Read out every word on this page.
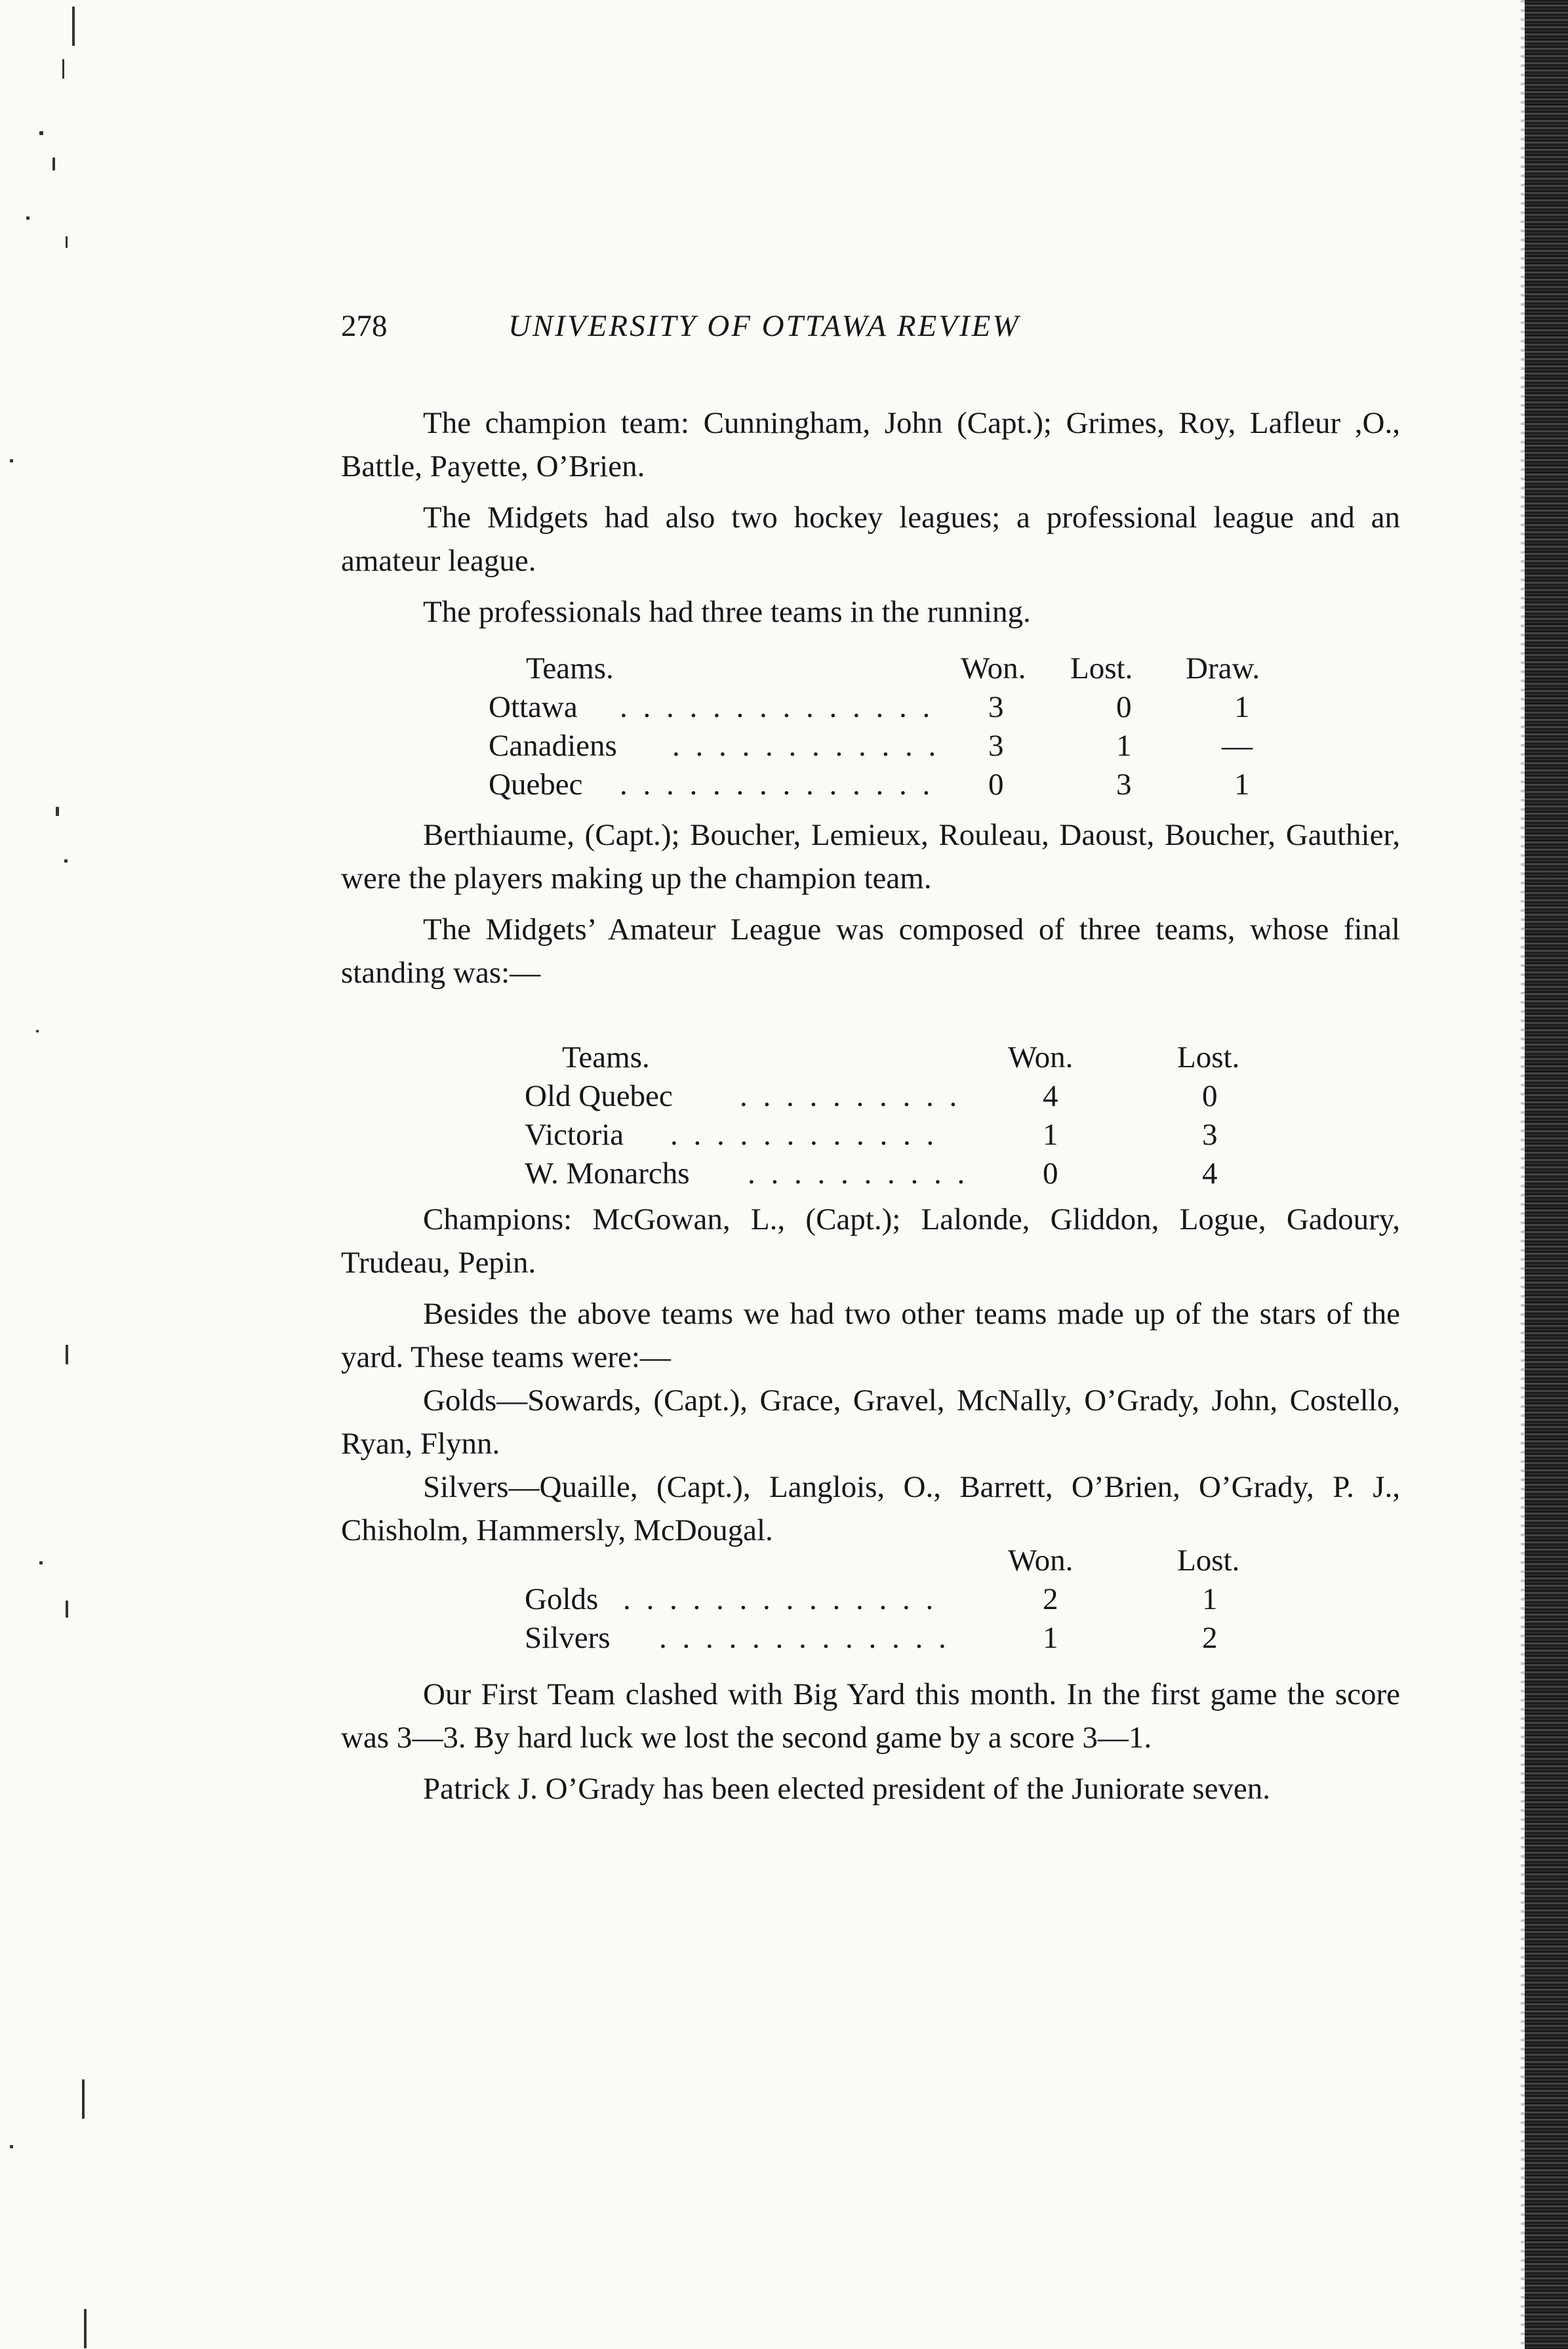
278	UNIVERSITY OF OTTAWA REVIEW

The champion team: Cunningham, John (Capt.); Grimes, Roy, Lafleur ,O., Battle, Payette, O’Brien.

The Midgets had also two hockey leagues; a professional league and an amateur league.

The professionals had three teams in the running.

Teams.	Won. Lost. Draw.
Ottawa . . . . . . . . . . . . . . 3	0	1
Canadiens . . . . . . . . . . . . 3	1	—
Quebec . . . . . . . . . . . . . . 0	3	1

Berthiaume, (Capt.); Boucher, Lemieux, Rouleau, Daoust, Boucher, Gauthier, were the players making up the champion team.

The Midgets’ Amateur League was composed of three teams, whose final standing was:—

Teams.	Won.	Lost.
Old Quebec . . . . . . . . . .	4	0
Victoria . . . . . . . . . . . .	1	3
W. Monarchs . . . . . . . . . . 0	4

Champions: McGowan, L., (Capt.); Lalonde, Gliddon, Logue, Gadoury, Trudeau, Pepin.

Besides the above teams we had two other teams made up of the stars of the yard. These teams were:—

Golds—Sowards, (Capt.), Grace, Gravel, McNally, O’Grady, John, Costello, Ryan, Flynn.

Silvers—Quaille, (Capt.), Langlois, O., Barrett, O’Brien, O’Grady, P. J., Chisholm, Hammersly, McDougal.

Won.	Lost.
Golds . . . . . . . . . . . . . .	2	1
Silvers . . . . . . . . . . . . .	1	2

Our First Team clashed with Big Yard this month. In the first game the score was 3—3. By hard luck we lost the second game by a score 3—1.

Patrick J. O’Grady has been elected president of the Juniorate seven.
